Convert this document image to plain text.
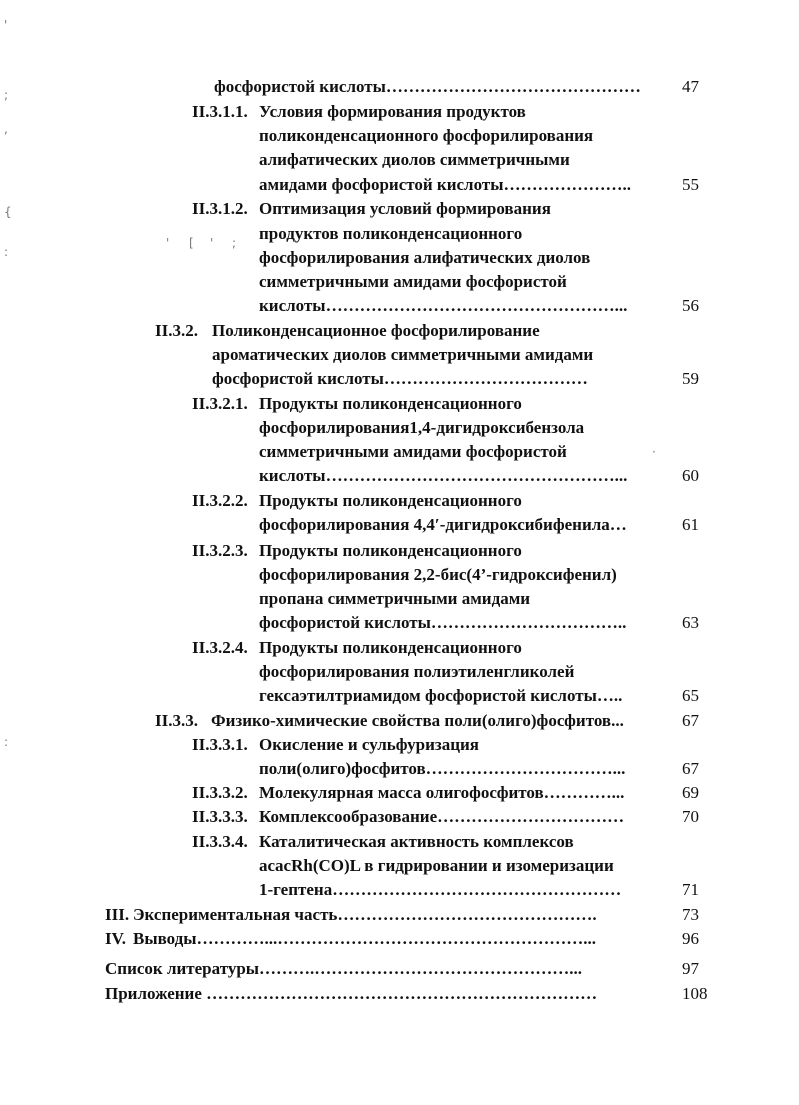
фосфористой кислоты……………………………………… 47
II.3.1.1. Условия формирования продуктов
поликонденсационного фосфорилирования
алифатических диолов симметричными
амидами фосфористой кислоты…………………..	55
II.3.1.2. Оптимизация условий формирования
продуктов поликонденсационного
фосфорилирования алифатических диолов
симметричными амидами фосфористой
кислоты……………………………………………...	56
II.3.2. Поликонденсационное фосфорилирование
ароматических диолов симметричными амидами
фосфористой кислоты………………………………	59
II.3.2.1. Продукты поликонденсационного
фосфорилирования1,4-дигидроксибензола
симметричными амидами фосфористой
кислоты……………………………………………...	60
II.3.2.2. Продукты поликонденсационного
фосфорилирования 4,4′-дигидроксибифенила…	61
II.3.2.3. Продукты поликонденсационного
фосфорилирования 2,2-бис(4’-гидроксифенил)
пропана симметричными амидами
фосфористой кислоты……………………………..	63
II.3.2.4. Продукты поликонденсационного
фосфорилирования полиэтиленгликолей
гексаэтилтриамидом фосфористой кислоты…..	65
II.3.3. Физико-химические свойства поли(олиго)фосфитов...	67
II.3.3.1. Окисление и сульфуризация
поли(олиго)фосфитов……………………………...	67
II.3.3.2. Молекулярная масса олигофосфитов…………...	69
II.3.3.3. Комплексообразование……………………………	70
II.3.3.4. Каталитическая активность комплексов
acacRh(CO)L в гидрировании и изомеризации
1-гептена……………………………………………	71
III. Экспериментальная часть……………………………………….	73
IV. Выводы…………...………………………………………………...	96
Список литературы……….………………………………………...	97
Приложение ……………………………………………………………	108
'
;
,
{
:
:
' [ ' ;
·
